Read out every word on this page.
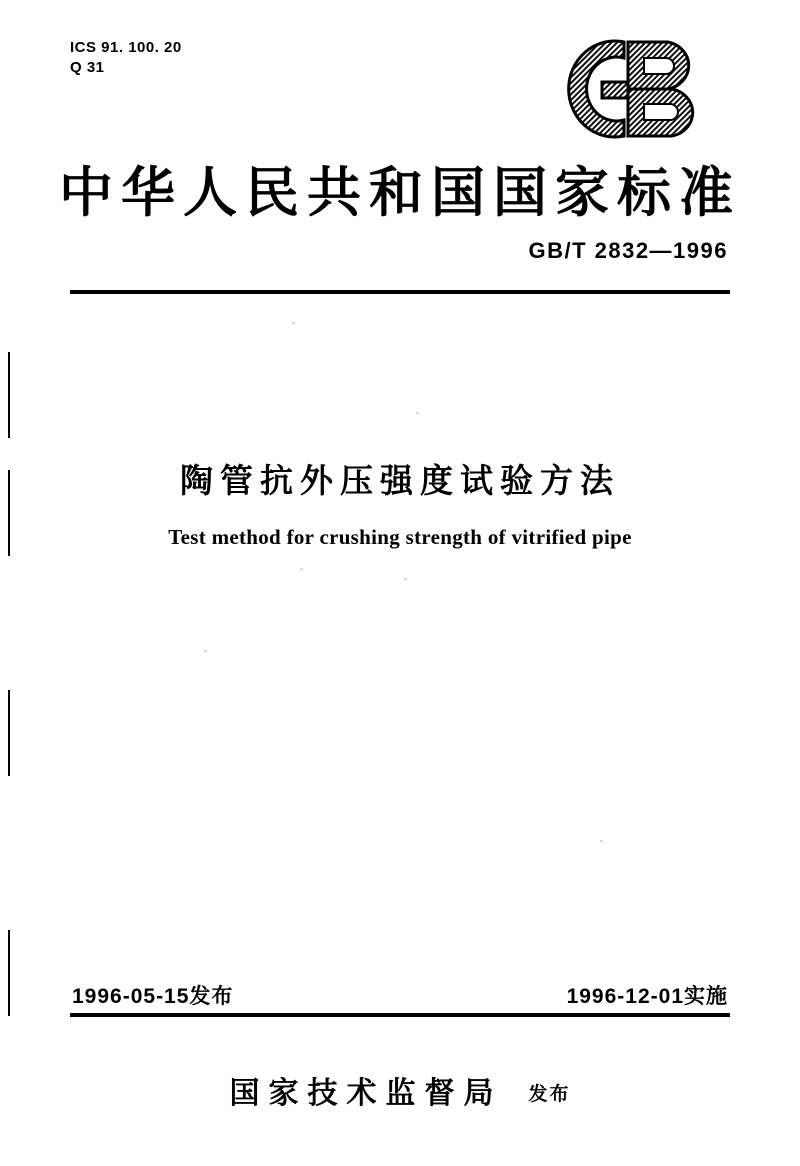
ICS 91. 100. 20
Q 31
中华人民共和国国家标准
GB/T 2832—1996
陶管抗外压强度试验方法
Test method for crushing strength of vitrified pipe
1996-05-15发布	1996-12-01实施
国家技术监督局 发布
